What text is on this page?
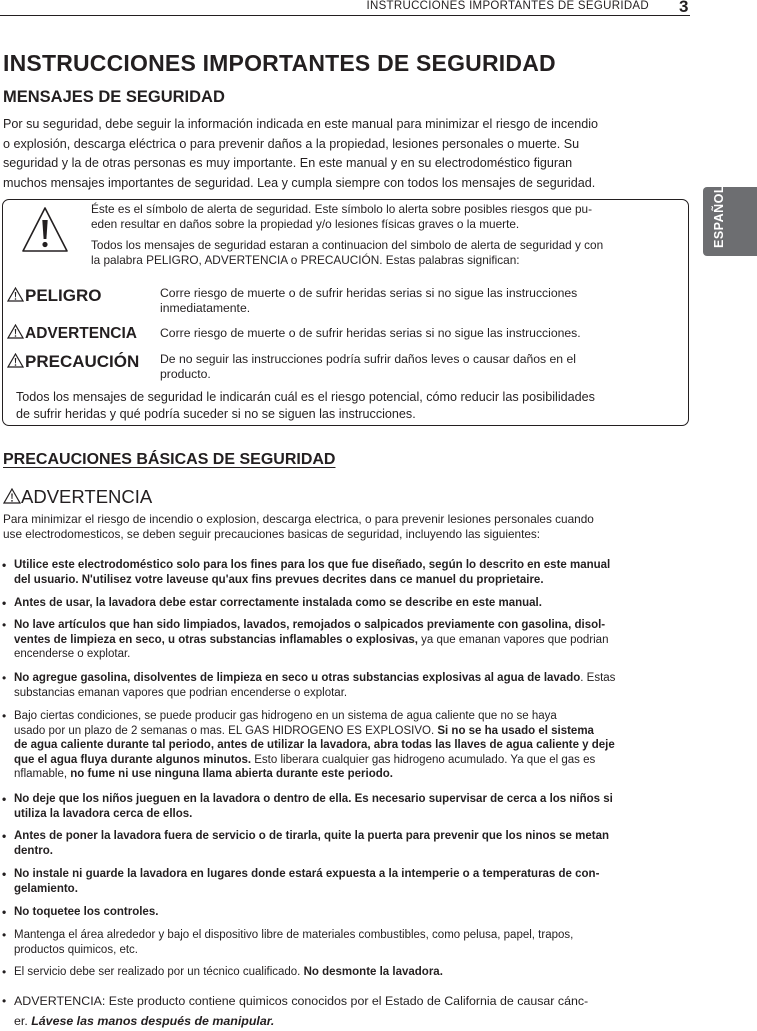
INSTRUCCIONES IMPORTANTES DE SEGURIDAD 3
ESPAÑOL
INSTRUCCIONES IMPORTANTES DE SEGURIDAD
MENSAJES DE SEGURIDAD
Por su seguridad, debe seguir la información indicada en este manual para minimizar el riesgo de incendio
o explosión, descarga eléctrica o para prevenir daños a la propiedad, lesiones personales o muerte. Su
seguridad y la de otras personas es muy importante. En este manual y en su electrodoméstico figuran
muchos mensajes importantes de seguridad. Lea y cumpla siempre con todos los mensajes de seguridad.
Éste es el símbolo de alerta de seguridad. Este símbolo lo alerta sobre posibles riesgos que pu-
eden resultar en daños sobre la propiedad y/o lesiones físicas graves o la muerte.
Todos los mensajes de seguridad estaran a continuacion del simbolo de alerta de seguridad y con
la palabra PELIGRO, ADVERTENCIA o PRECAUCIÓN. Estas palabras significan:
PELIGRO	Corre riesgo de muerte o de sufrir heridas serias si no sigue las instrucciones
inmediatamente.
ADVERTENCIA Corre riesgo de muerte o de sufrir heridas serias si no sigue las instrucciones.
PRECAUCIÓN De no seguir las instrucciones podría sufrir daños leves o causar daños en el
producto.
Todos los mensajes de seguridad le indicarán cuál es el riesgo potencial, cómo reducir las posibilidades
de sufrir heridas y qué podría suceder si no se siguen las instrucciones.
PRECAUCIONES BÁSICAS DE SEGURIDAD
ADVERTENCIA
Para minimizar el riesgo de incendio o explosion, descarga electrica, o para prevenir lesiones personales cuando
use electrodomesticos, se deben seguir precauciones basicas de seguridad, incluyendo las siguientes:
• Utilice este electrodoméstico solo para los fines para los que fue diseñado, según lo descrito en este manual
del usuario. N'utilisez votre laveuse qu'aux fins prevues decrites dans ce manuel du proprietaire.
• Antes de usar, la lavadora debe estar correctamente instalada como se describe en este manual.
• No lave artículos que han sido limpiados, lavados, remojados o salpicados previamente con gasolina, disol-
ventes de limpieza en seco, u otras substancias inflamables o explosivas, ya que emanan vapores que podrian
encenderse o explotar.
• No agregue gasolina, disolventes de limpieza en seco u otras substancias explosivas al agua de lavado. Estas
substancias emanan vapores que podrian encenderse o explotar.
• Bajo ciertas condiciones, se puede producir gas hidrogeno en un sistema de agua caliente que no se haya
usado por un plazo de 2 semanas o mas. EL GAS HIDROGENO ES EXPLOSIVO. Si no se ha usado el sistema
de agua caliente durante tal periodo, antes de utilizar la lavadora, abra todas las llaves de agua caliente y deje
que el agua fluya durante algunos minutos. Esto liberara cualquier gas hidrogeno acumulado. Ya que el gas es
nflamable, no fume ni use ninguna llama abierta durante este periodo.
• No deje que los niños jueguen en la lavadora o dentro de ella. Es necesario supervisar de cerca a los niños si
utiliza la lavadora cerca de ellos.
• Antes de poner la lavadora fuera de servicio o de tirarla, quite la puerta para prevenir que los ninos se metan
dentro.
• No instale ni guarde la lavadora en lugares donde estará expuesta a la intemperie o a temperaturas de con-
gelamiento.
• No toquetee los controles.
• Mantenga el área alrededor y bajo el dispositivo libre de materiales combustibles, como pelusa, papel, trapos,
productos quimicos, etc.
• El servicio debe ser realizado por un técnico cualificado. No desmonte la lavadora.
• ADVERTENCIA: Este producto contiene quimicos conocidos por el Estado de California de causar cánc-
er. Lávese las manos después de manipular.
